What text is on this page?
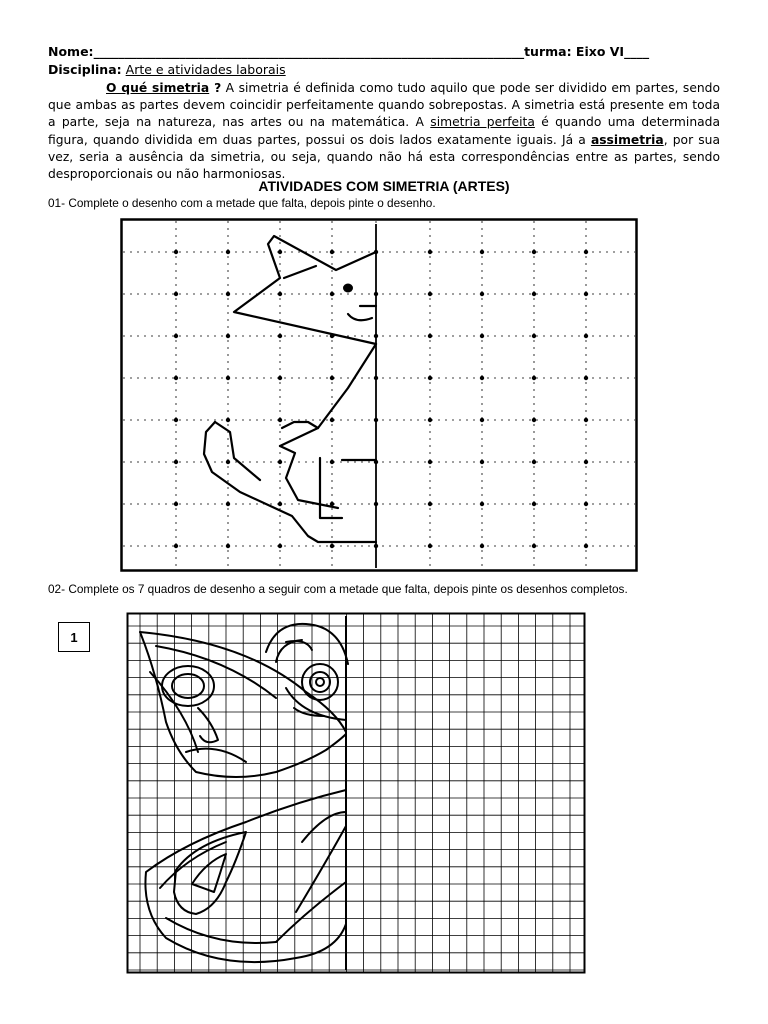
Nome:______________________________________________________________________turma: Eixo VI____
Disciplina: Arte e atividades laborais
O qué simetria ? A simetria é definida como tudo aquilo que pode ser dividido em partes, sendo que ambas as partes devem coincidir perfeitamente quando sobrepostas. A simetria está presente em toda a parte, seja na natureza, nas artes ou na matemática. A simetria perfeita é quando uma determinada figura, quando dividida em duas partes, possui os dois lados exatamente iguais. Já a assimetria, por sua vez, seria a ausência da simetria, ou seja, quando não há esta correspondências entre as partes, sendo desproporcionais ou não harmoniosas.
ATIVIDADES COM SIMETRIA (ARTES)
01- Complete o desenho com a metade que falta, depois pinte o desenho.
02- Complete os 7 quadros de desenho a seguir com a metade que falta, depois pinte os desenhos completos.
1
